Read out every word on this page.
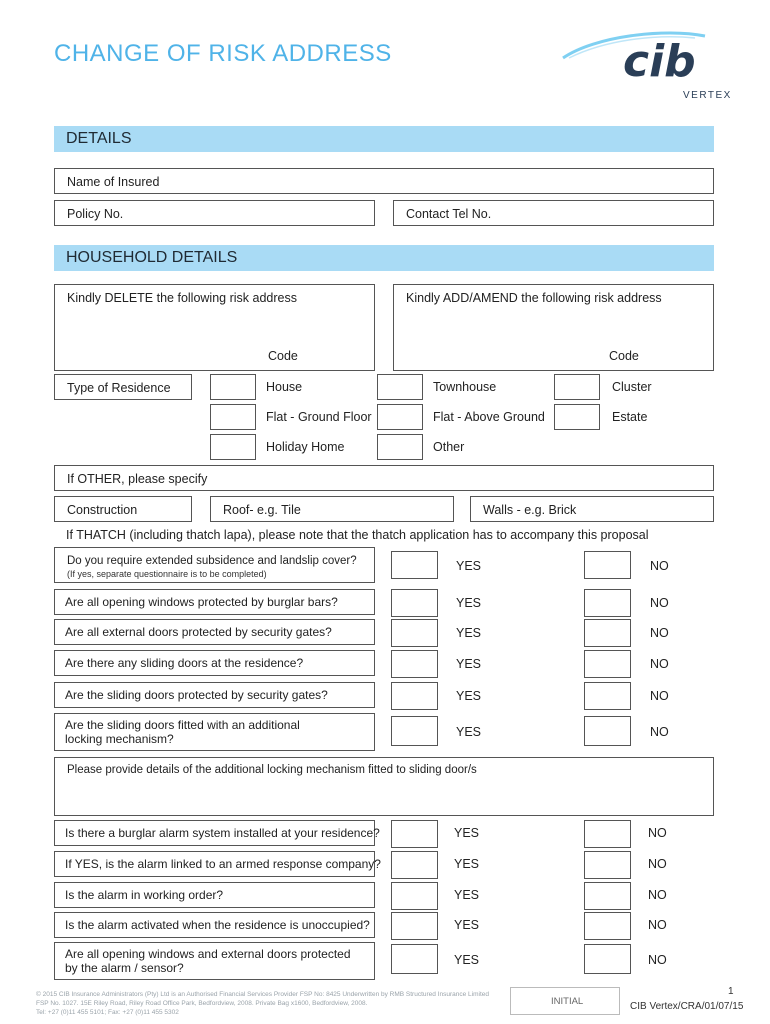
CHANGE OF RISK ADDRESS	cib
VERTEX
DETAILS
Name of Insured
Policy No.	Contact Tel No.
HOUSEHOLD DETAILS
Kindly DELETE the following risk address
Code
Kindly ADD/AMEND the following risk address
Code
Type of Residence	House	Townhouse	Cluster
Flat - Ground Floor	Flat - Above Ground	Estate
Holiday Home	Other
If OTHER, please specify
Construction	Roof- e.g. Tile	Walls - e.g. Brick
If THATCH (including thatch lapa), please note that the thatch application has to accompany this proposal
Do you require extended subsidence and landslip cover?
(If yes, separate questionnaire is to be completed)
YES	NO
Are all opening windows protected by burglar bars?	YES	NO
Are all external doors protected by security gates?	YES	NO
Are there any sliding doors at the residence?	YES	NO
Are the sliding doors protected by security gates?	YES	NO
Are the sliding doors fitted with an additional
locking mechanism?	YES	NO
Please provide details of the additional locking mechanism fitted to sliding door/s
Is there a burglar alarm system installed at your residence?	YES	NO
If YES, is the alarm linked to an armed response company?	YES	NO
Is the alarm in working order?	YES	NO
Is the alarm activated when the residence is unoccupied?	YES	NO
Are all opening windows and external doors protected
by the alarm / sensor?
YES	NO
© 2015 CIB Insurance Administrators (Pty) Ltd is an Authorised Financial Services Provider FSP No: 8425 Underwritten by RMB Structured Insurance Limited
FSP No. 1027. 15E Riley Road, Riley Road Office Park, Bedfordview, 2008. Private Bag x1600, Bedfordview, 2008.
Tel: +27 (0)11 455 5101; Fax: +27 (0)11 455 5302
INITIAL
1
CIB Vertex/CRA/01/07/15
